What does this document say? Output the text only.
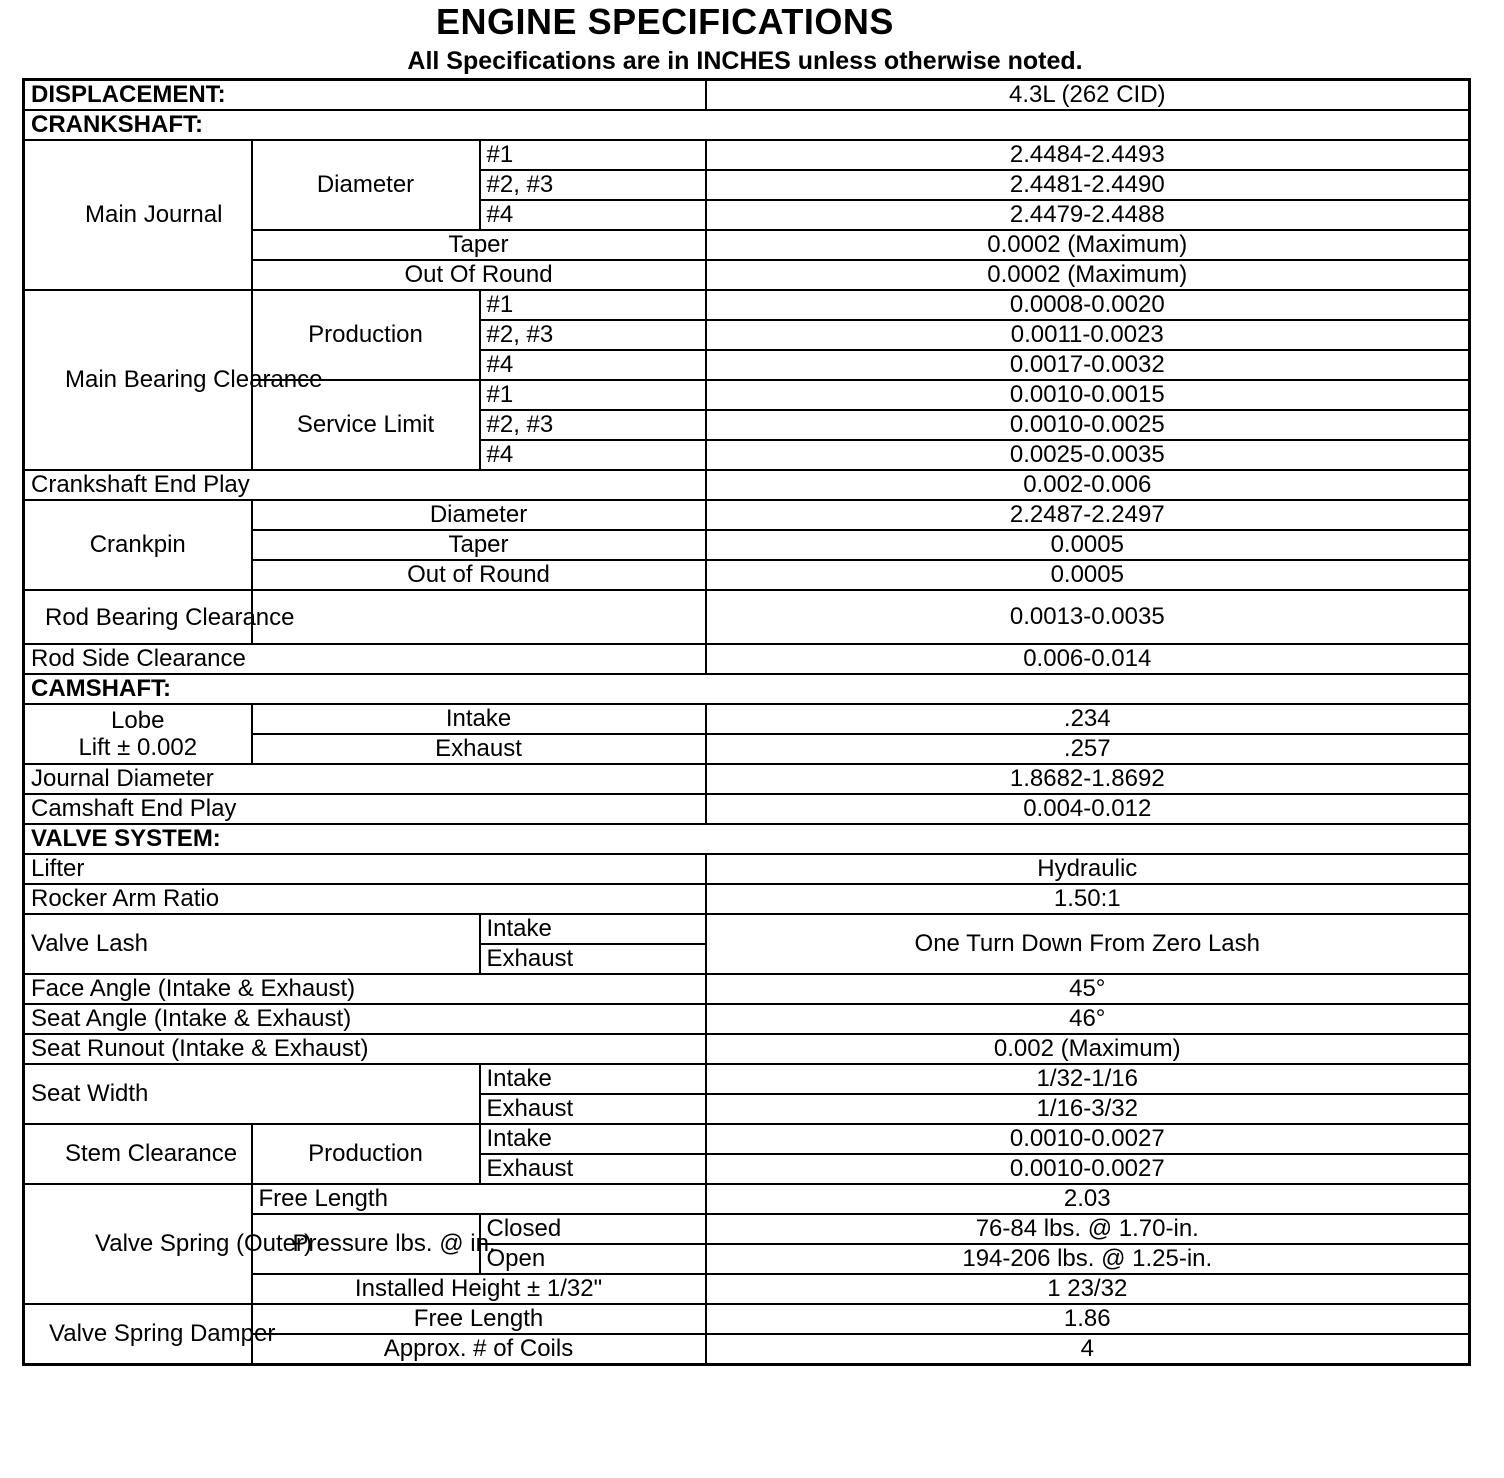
ENGINE SPECIFICATIONS
All Specifications are in INCHES unless otherwise noted.
DISPLACEMENT:			4.3L (262 CID)
CRANKSHAFT:			
Main Journal	Diameter	#1	2.4484-2.4493
		#2, #3	2.4481-2.4490
		#4	2.4479-2.4488
	Taper		0.0002 (Maximum)
	Out Of Round		0.0002 (Maximum)
Main Bearing Clearance	Production	#1	0.0008-0.0020
		#2, #3	0.0011-0.0023
		#4	0.0017-0.0032
	Service Limit	#1	0.0010-0.0015
		#2, #3	0.0010-0.0025
		#4	0.0025-0.0035
Crankshaft End Play			0.002-0.006
Crankpin	Diameter		2.2487-2.2497
	Taper		0.0005
	Out of Round		0.0005
Rod Bearing Clearance			0.0013-0.0035
Rod Side Clearance			0.006-0.014
CAMSHAFT:			

Lobe
Lift ± 0.002	Intake		.234
	Exhaust		.257
Journal Diameter			1.8682-1.8692
Camshaft End Play			0.004-0.012
VALVE SYSTEM:			
Lifter			Hydraulic
Rocker Arm Ratio			1.50:1
Valve Lash		Intake	One Turn Down From Zero Lash
		Exhaust	
Face Angle (Intake & Exhaust)			45°
Seat Angle (Intake & Exhaust)			46°
Seat Runout (Intake & Exhaust)			0.002 (Maximum)
Seat Width		Intake	1/32-1/16
		Exhaust	1/16-3/32
Stem Clearance	Production	Intake	0.0010-0.0027
		Exhaust	0.0010-0.0027
Valve Spring (Outer)	Free Length		2.03
	Pressure lbs. @ in.	Closed	76-84 lbs. @ 1.70-in.
		Open	194-206 lbs. @ 1.25-in.
	Installed Height ± 1/32"		1 23/32
Valve Spring Damper	Free Length		1.86
	Approx. # of Coils		4
